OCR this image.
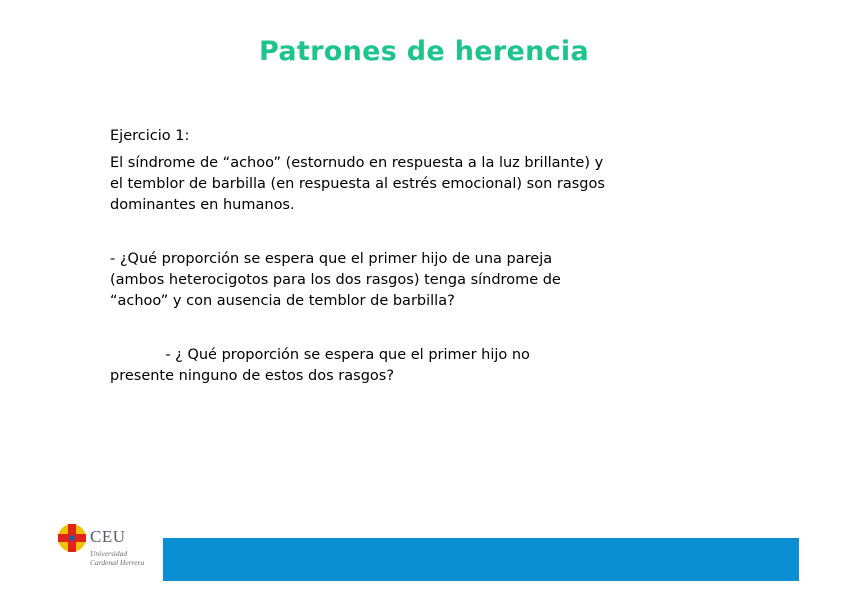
Patrones de herencia

Ejercicio 1:

El síndrome de “achoo” (estornudo en respuesta a la luz brillante) y
el temblor de barbilla (en respuesta al estrés emocional) son rasgos
dominantes en humanos.

- ¿Qué proporción se espera que el primer hijo de una pareja
(ambos heterocigotos para los dos rasgos) tenga síndrome de
“achoo” y con ausencia de temblor de barbilla?

- ¿ Qué proporción se espera que el primer hijo no
presente ninguno de estos dos rasgos?

CEU
Universidad
Cardenal Herrera
